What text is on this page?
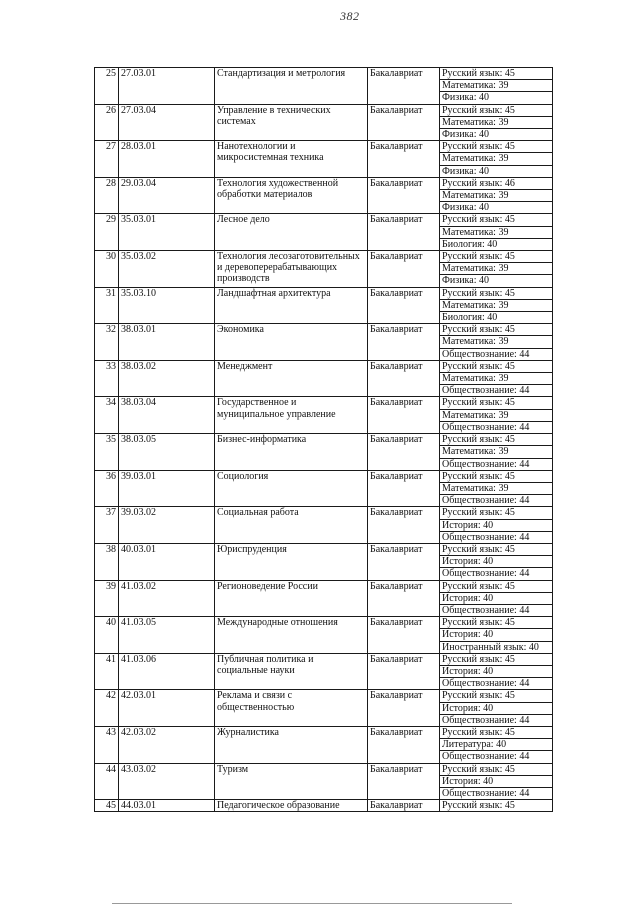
382
25	27.03.01	Стандартизация и метрология	Бакалавриат	Русский язык: 45
				Математика: 39
				Физика: 40
26	27.03.04	Управление в технических системах	Бакалавриат	Русский язык: 45
				Математика: 39
				Физика: 40
27	28.03.01	Нанотехнологии и микросистемная техника	Бакалавриат	Русский язык: 45
				Математика: 39
				Физика: 40
28	29.03.04	Технология художественной обработки материалов	Бакалавриат	Русский язык: 46
				Математика: 39
				Физика: 40
29	35.03.01	Лесное дело	Бакалавриат	Русский язык: 45
				Математика: 39
				Биология: 40
30	35.03.02	Технология лесозаготовительных и деревоперерабатывающих производств	Бакалавриат	Русский язык: 45
				Математика: 39
				Физика: 40
31	35.03.10	Ландшафтная архитектура	Бакалавриат	Русский язык: 45
				Математика: 39
				Биология: 40
32	38.03.01	Экономика	Бакалавриат	Русский язык: 45
				Математика: 39
				Обществознание: 44
33	38.03.02	Менеджмент	Бакалавриат	Русский язык: 45
				Математика: 39
				Обществознание: 44
34	38.03.04	Государственное и муниципальное управление	Бакалавриат	Русский язык: 45
				Математика: 39
				Обществознание: 44
35	38.03.05	Бизнес-информатика	Бакалавриат	Русский язык: 45
				Математика: 39
				Обществознание: 44
36	39.03.01	Социология	Бакалавриат	Русский язык: 45
				Математика: 39
				Обществознание: 44
37	39.03.02	Социальная работа	Бакалавриат	Русский язык: 45
				История: 40
				Обществознание: 44
38	40.03.01	Юриспруденция	Бакалавриат	Русский язык: 45
				История: 40
				Обществознание: 44
39	41.03.02	Регионоведение России	Бакалавриат	Русский язык: 45
				История: 40
				Обществознание: 44
40	41.03.05	Международные отношения	Бакалавриат	Русский язык: 45
				История: 40
				Иностранный язык: 40
41	41.03.06	Публичная политика и социальные науки	Бакалавриат	Русский язык: 45
				История: 40
				Обществознание: 44
42	42.03.01	Реклама и связи с общественностью	Бакалавриат	Русский язык: 45
				История: 40
				Обществознание: 44
43	42.03.02	Журналистика	Бакалавриат	Русский язык: 45
				Литература: 40
				Обществознание: 44
44	43.03.02	Туризм	Бакалавриат	Русский язык: 45
				История: 40
				Обществознание: 44
45	44.03.01	Педагогическое образование	Бакалавриат	Русский язык: 45
